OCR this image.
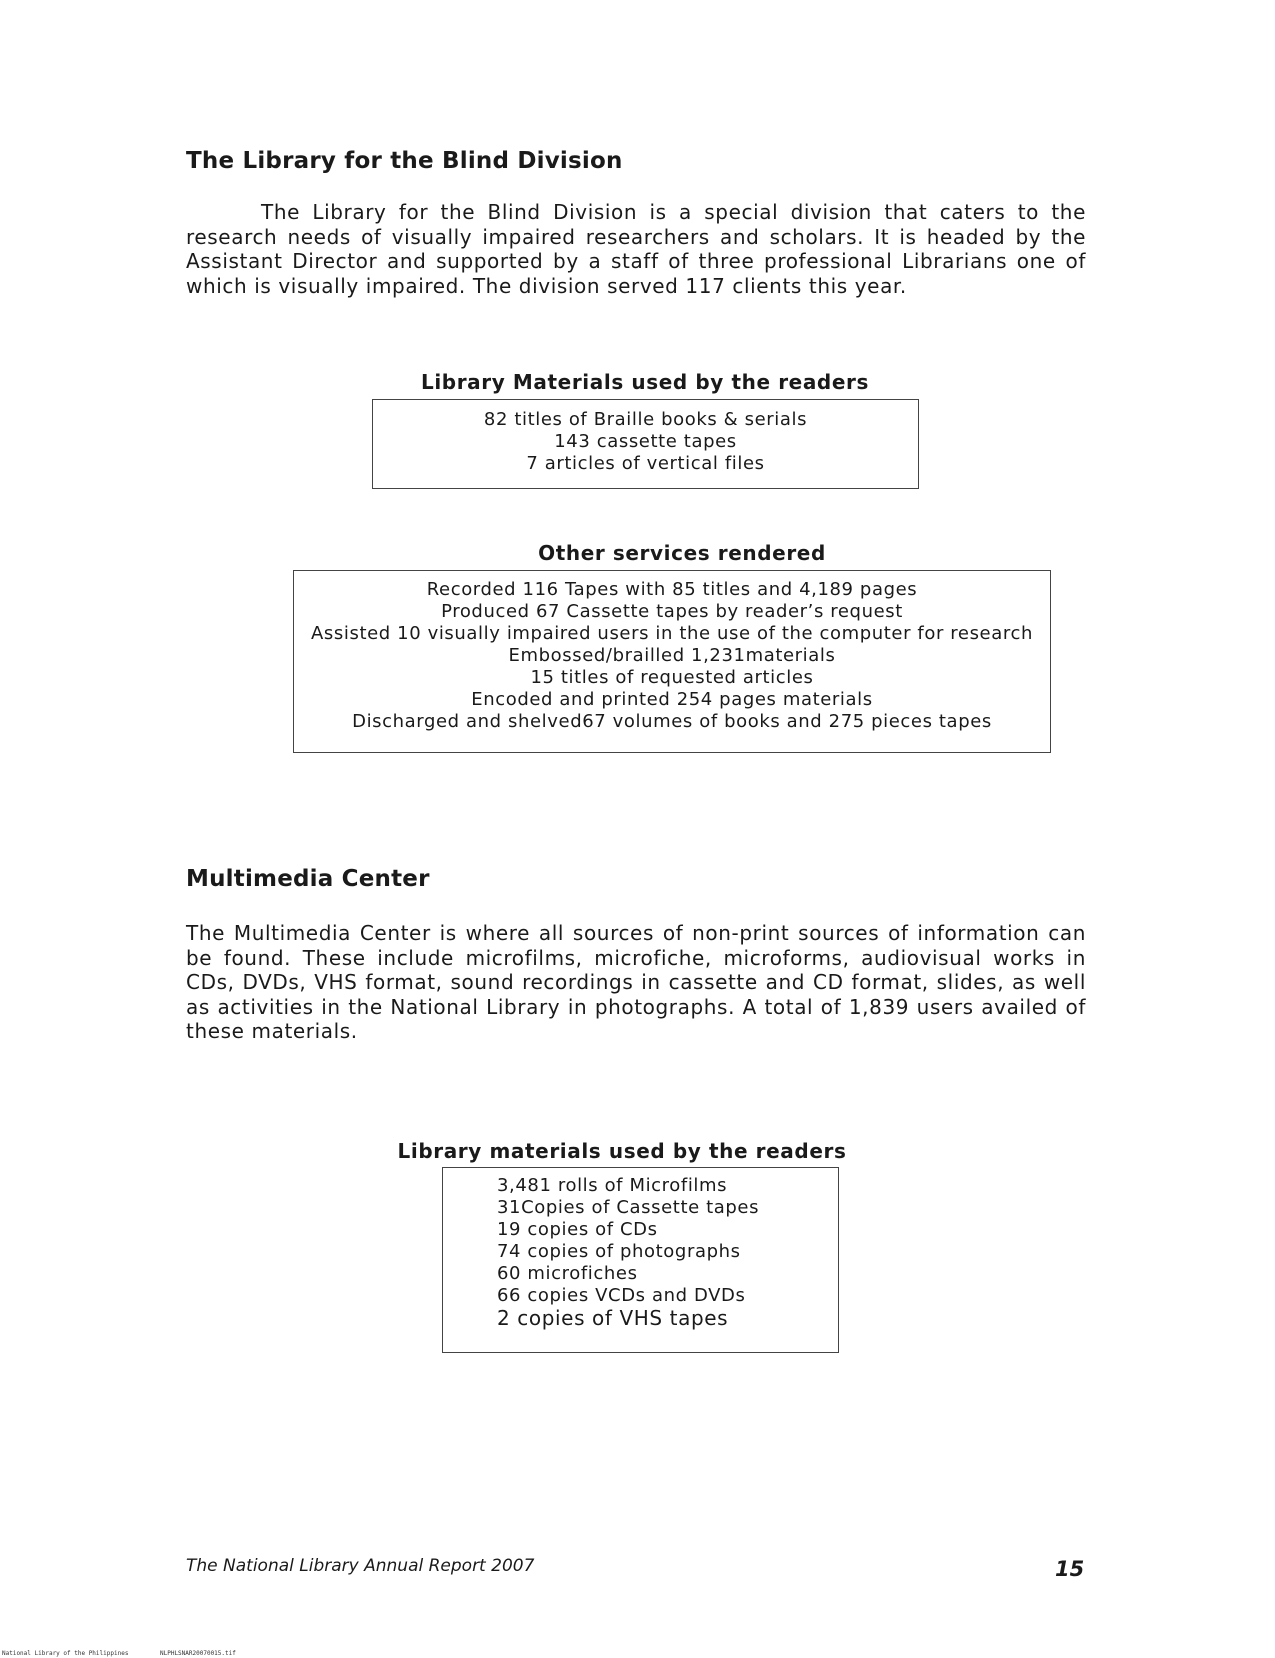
The Library for the Blind Division
The Library for the Blind Division is a special division that caters to the research needs of visually impaired researchers and scholars. It is headed by the Assistant Director and supported by a staff of three professional Librarians one of which is visually impaired. The division served 117 clients this year.
Library Materials used by the readers
82 titles of Braille books & serials
143 cassette tapes
7 articles of vertical files
Other services rendered
Recorded 116 Tapes with 85 titles and 4,189 pages
Produced 67 Cassette tapes by reader’s request
Assisted 10 visually impaired users in the use of the computer for research
Embossed/brailled 1,231materials
15 titles of requested articles
Encoded and printed 254 pages materials
Discharged and shelved67 volumes of books and 275 pieces tapes
Multimedia Center
The Multimedia Center is where all sources of non-print sources of information can be found. These include microfilms, microfiche, microforms, audiovisual works in CDs, DVDs, VHS format, sound recordings in cassette and CD format, slides, as well as activities in the National Library in photographs. A total of 1,839 users availed of these materials.
Library materials used by the readers
3,481 rolls of Microfilms
31Copies of Cassette tapes
19 copies of CDs
74 copies of photographs
60 microfiches
66 copies VCDs and DVDs
2 copies of VHS tapes
The National Library Annual Report 2007	15
National Library of the Philippines	NLPHLSNAR20070015.tif
